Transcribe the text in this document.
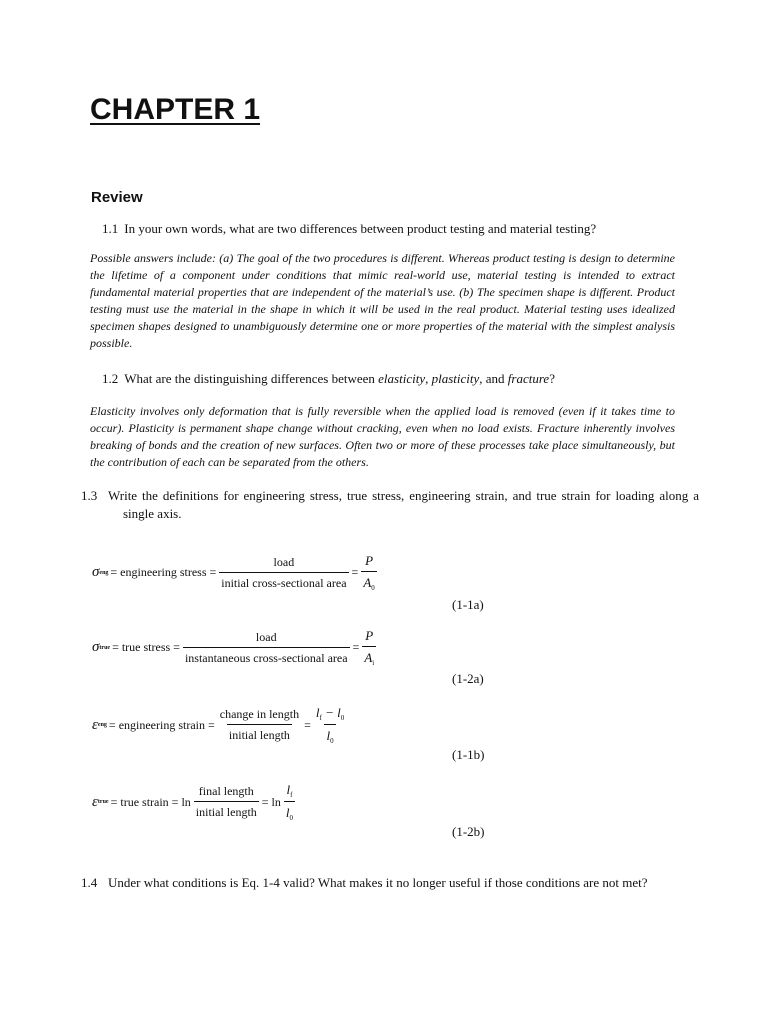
CHAPTER 1
Review

1.1 In your own words, what are two differences between product testing and material testing?

Possible answers include: (a) The goal of the two procedures is different. Whereas product testing is design to determine the lifetime of a component under conditions that mimic real-world use, material testing is intended to extract fundamental material properties that are independent of the material’s use. (b) The specimen shape is different. Product testing must use the material in the shape in which it will be used in the real product. Material testing uses idealized specimen shapes designed to unambiguously determine one or more properties of the material with the simplest analysis possible.

1.2 What are the distinguishing differences between elasticity, plasticity, and fracture?

Elasticity involves only deformation that is fully reversible when the applied load is removed (even if it takes time to occur). Plasticity is permanent shape change without cracking, even when no load exists. Fracture inherently involves breaking of bonds and the creation of new surfaces. Often two or more of these processes take place simultaneously, but the contribution of each can be separated from the others.

1.3 Write the definitions for engineering stress, true stress, engineering strain, and true strain for loading along a single axis.

σ eng = engineering stress = $\frac{\text{load}}{\text{initial cross-sectional area}} = \frac{P}{A_0}$
(1-1a)
σ true = true stress = $\frac{\text{load}}{\text{instantaneous cross-sectional area}} = \frac{P}{A_i}$
(1-2a)
ε eng = engineering strain = $\frac{\text{change in length}}{\text{initial length}} = \frac{l_f - l_0}{l_0}$
(1-1b)
ε true = true strain = $\ln \frac{\text{final length}}{\text{initial length}} = \ln \frac{l_f}{l_0}$
(1-2b)

1.4 Under what conditions is Eq. 1-4 valid? What makes it no longer useful if those conditions are not met?
